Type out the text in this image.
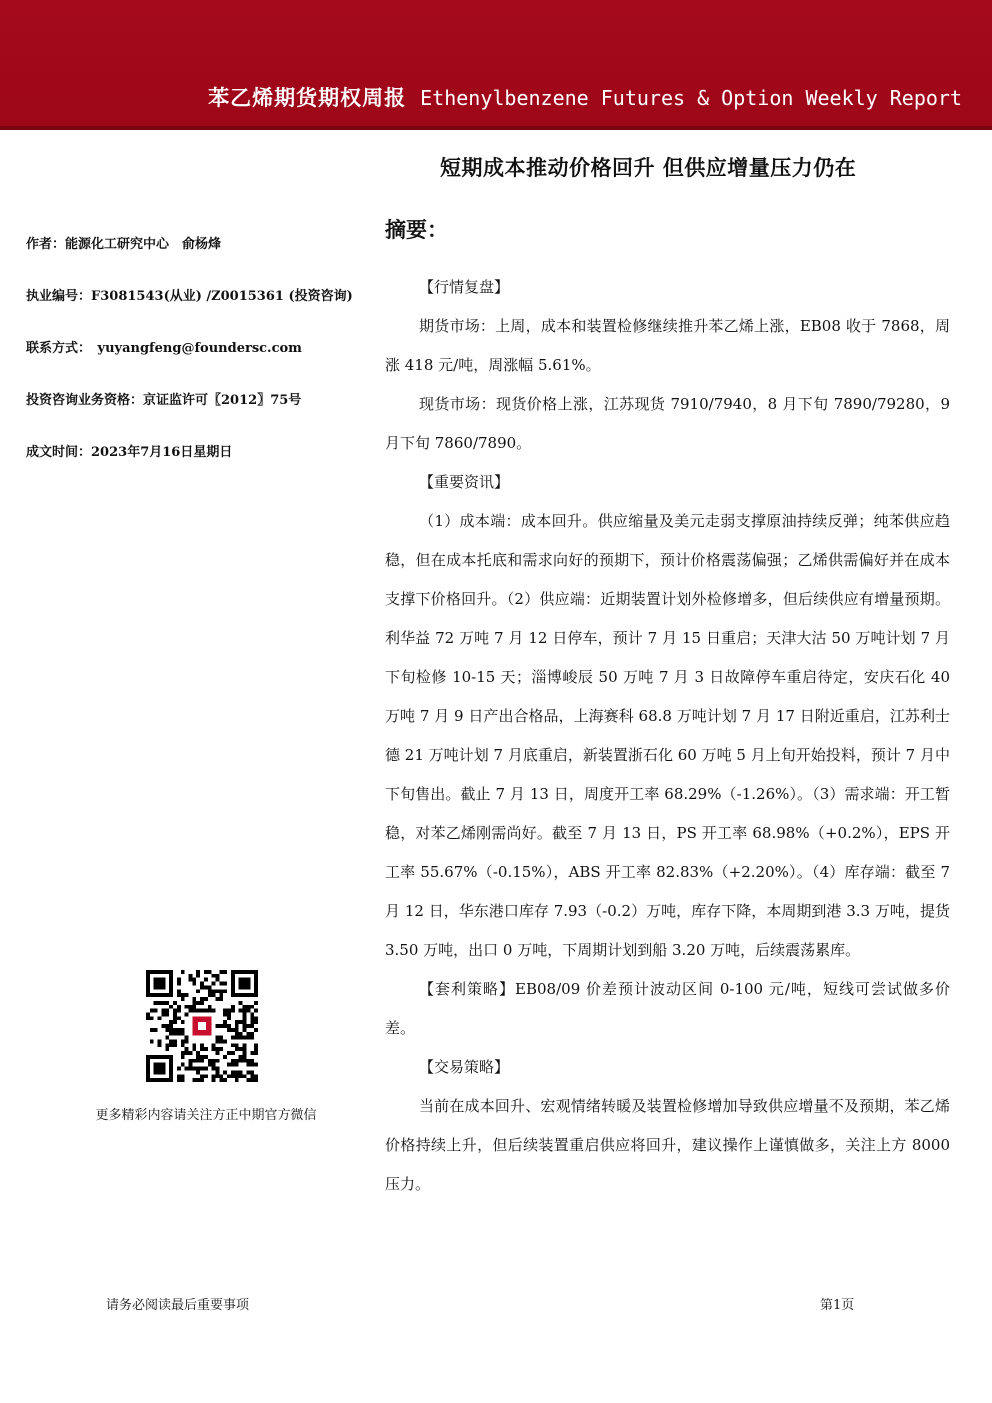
苯乙烯期货期权周报 Ethenylbenzene Futures & Option Weekly Report
短期成本推动价格回升 但供应增量压力仍在
摘要：
作者：能源化工研究中心　俞杨烽
执业编号：F3081543(从业) /Z0015361 (投资咨询)
联系方式：　yuyangfeng@foundersc.com
投资咨询业务资格：京证监许可〖2012〗75号
成文时间：2023年7月16日星期日
更多精彩内容请关注方正中期官方微信

【行情复盘】

期货市场：上周，成本和装置检修继续推升苯乙烯上涨，EB08 收于 7868，周涨 418 元/吨，周涨幅 5.61%。

现货市场：现货价格上涨，江苏现货 7910/7940，8 月下旬 7890/79280，9 月下旬 7860/7890。

【重要资讯】

（1）成本端：成本回升。供应缩量及美元走弱支撑原油持续反弹；纯苯供应趋稳，但在成本托底和需求向好的预期下，预计价格震荡偏强；乙烯供需偏好并在成本支撑下价格回升。（2）供应端：近期装置计划外检修增多，但后续供应有增量预期。利华益 72 万吨 7 月 12 日停车，预计 7 月 15 日重启；天津大沽 50 万吨计划 7 月下旬检修 10-15 天；淄博峻辰 50 万吨 7 月 3 日故障停车重启待定，安庆石化 40 万吨 7 月 9 日产出合格品，上海赛科 68.8 万吨计划 7 月 17 日附近重启，江苏利士德 21 万吨计划 7 月底重启，新装置浙石化 60 万吨 5 月上旬开始投料，预计 7 月中下旬售出。截止 7 月 13 日，周度开工率 68.29%（-1.26%）。（3）需求端：开工暂稳，对苯乙烯刚需尚好。截至 7 月 13 日，PS 开工率 68.98%（+0.2%），EPS 开工率 55.67%（-0.15%），ABS 开工率 82.83%（+2.20%）。（4）库存端：截至 7 月 12 日，华东港口库存 7.93（-0.2）万吨，库存下降，本周期到港 3.3 万吨，提货 3.50 万吨，出口 0 万吨，下周期计划到船 3.20 万吨，后续震荡累库。

【套利策略】EB08/09 价差预计波动区间 0-100 元/吨，短线可尝试做多价差。

【交易策略】

当前在成本回升、宏观情绪转暖及装置检修增加导致供应增量不及预期，苯乙烯价格持续上升，但后续装置重启供应将回升，建议操作上谨慎做多，关注上方 8000 压力。

请务必阅读最后重要事项	第1页
